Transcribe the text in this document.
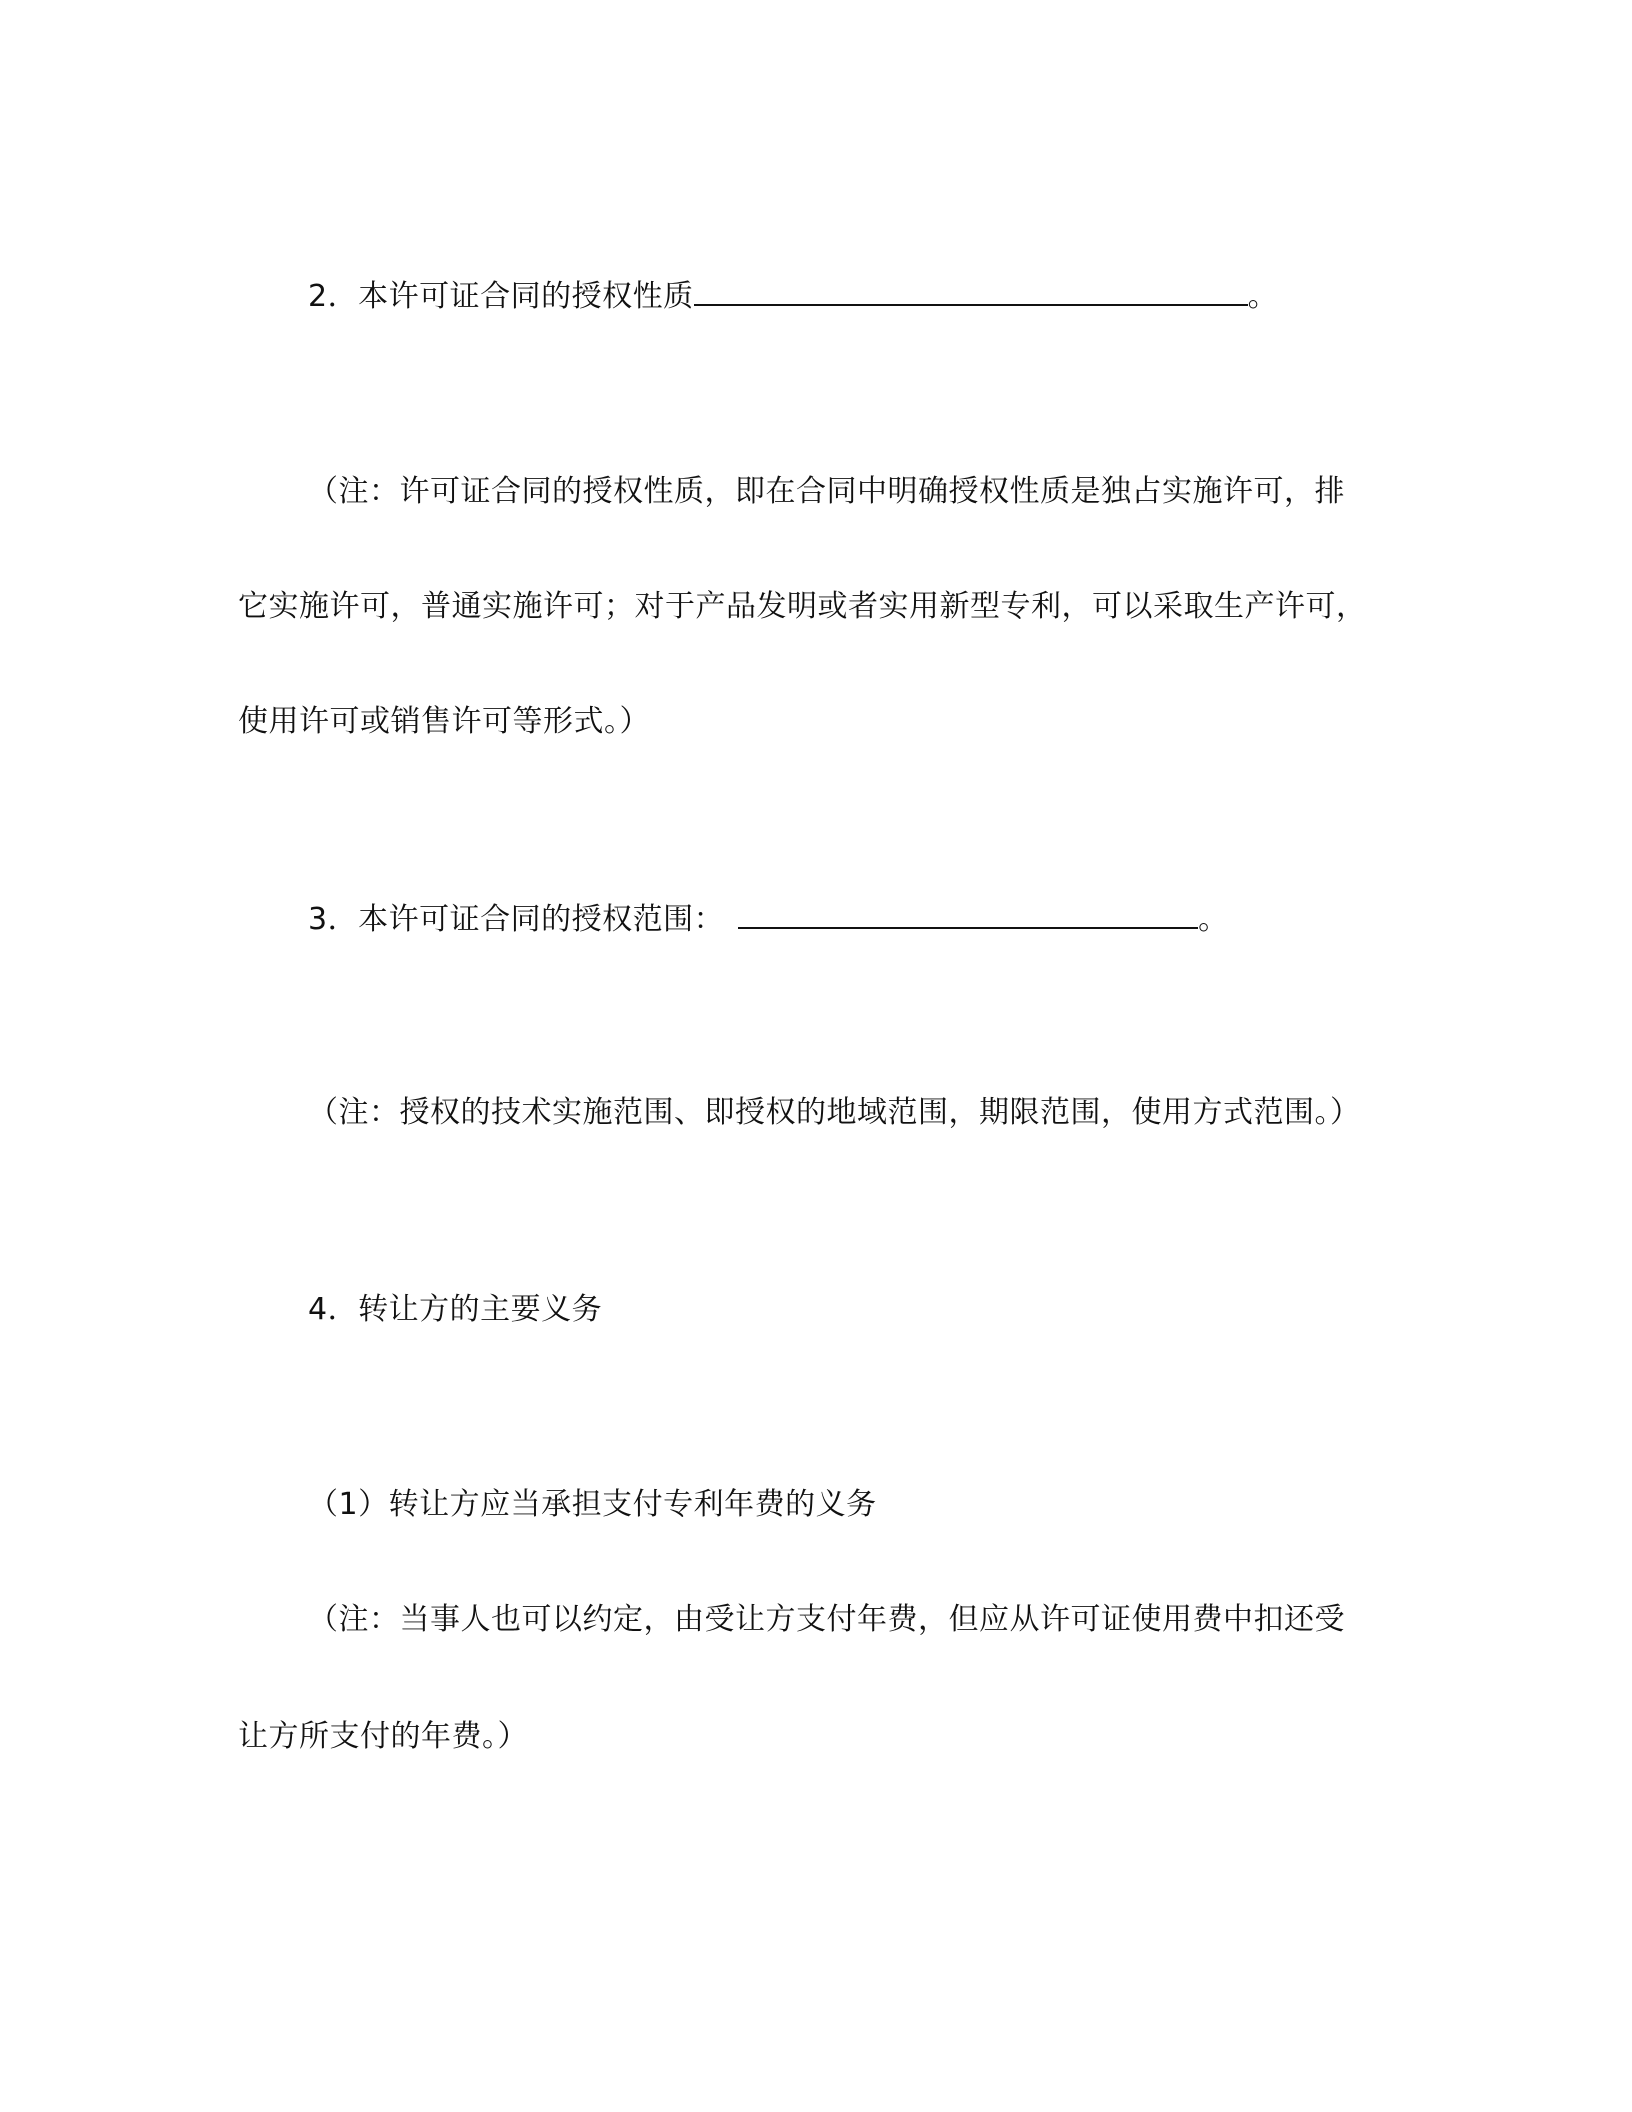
2．本许可证合同的授权性质	。
（注：许可证合同的授权性质，即在合同中明确授权性质是独占实施许可，排
它实施许可，普通实施许可；对于产品发明或者实用新型专利，可以采取生产许可，
使用许可或销售许可等形式。）
3．本许可证合同的授权范围：	。
（注：授权的技术实施范围、即授权的地域范围，期限范围，使用方式范围。）
4．转让方的主要义务
（1）转让方应当承担支付专利年费的义务
（注：当事人也可以约定，由受让方支付年费，但应从许可证使用费中扣还受
让方所支付的年费。）
